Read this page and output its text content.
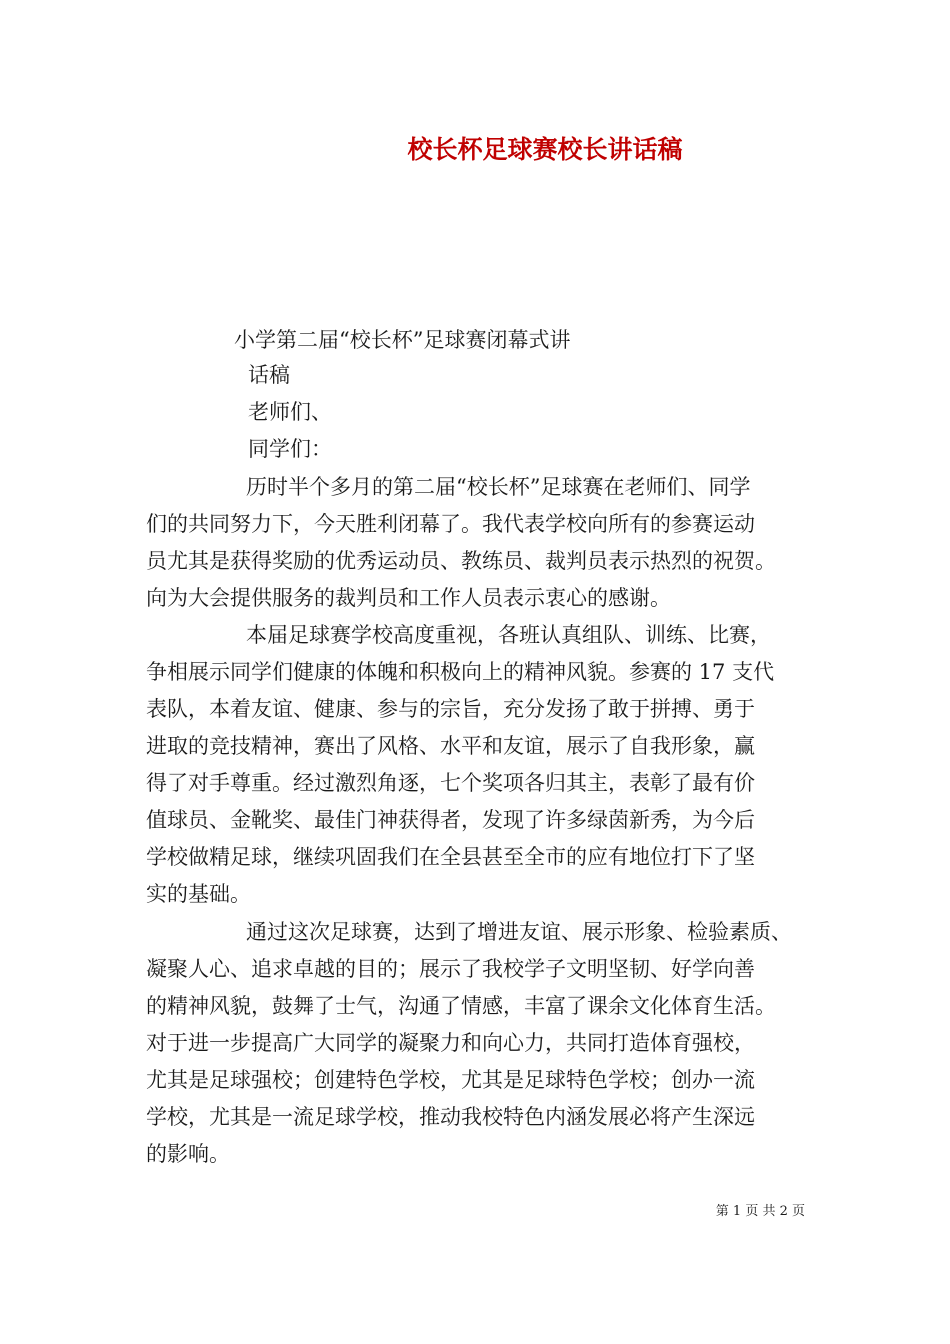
校长杯足球赛校长讲话稿

小学第二届“校长杯”足球赛闭幕式讲

话稿

老师们、

同学们：

历时半个多月的第二届“校长杯”足球赛在老师们、同学
们的共同努力下，今天胜利闭幕了。我代表学校向所有的参赛运动
员尤其是获得奖励的优秀运动员、教练员、裁判员表示热烈的祝贺。
向为大会提供服务的裁判员和工作人员表示衷心的感谢。
本届足球赛学校高度重视，各班认真组队、训练、比赛，
争相展示同学们健康的体魄和积极向上的精神风貌。参赛的 17 支代
表队，本着友谊、健康、参与的宗旨，充分发扬了敢于拼搏、勇于
进取的竞技精神，赛出了风格、水平和友谊，展示了自我形象，赢
得了对手尊重。经过激烈角逐，七个奖项各归其主，表彰了最有价
值球员、金靴奖、最佳门神获得者，发现了许多绿茵新秀，为今后
学校做精足球，继续巩固我们在全县甚至全市的应有地位打下了坚
实的基础。
通过这次足球赛，达到了增进友谊、展示形象、检验素质、
凝聚人心、追求卓越的目的；展示了我校学子文明坚韧、好学向善
的精神风貌，鼓舞了士气，沟通了情感，丰富了课余文化体育生活。
对于进一步提高广大同学的凝聚力和向心力，共同打造体育强校，
尤其是足球强校；创建特色学校，尤其是足球特色学校；创办一流
学校，尤其是一流足球学校，推动我校特色内涵发展必将产生深远
的影响。
第 1 页 共 2 页
